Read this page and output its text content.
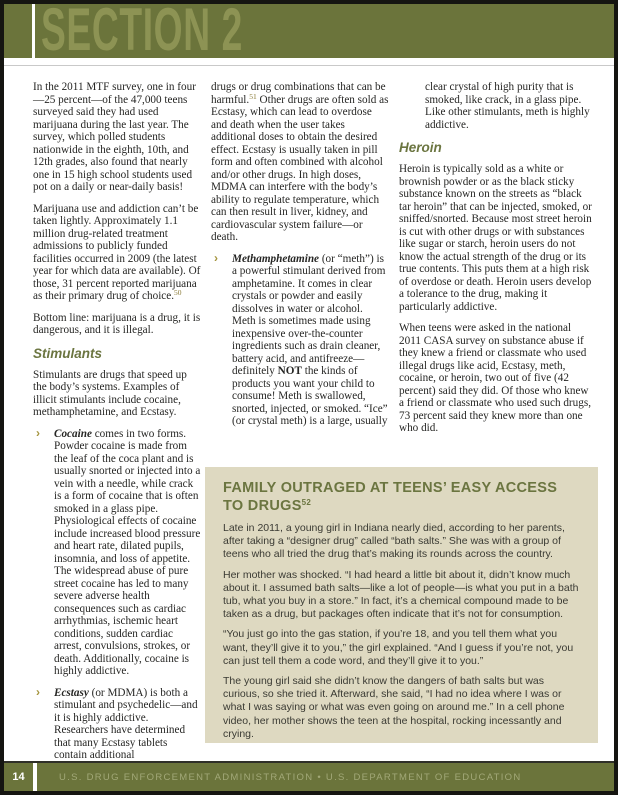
SECTION 2

In the 2011 MTF survey, one in four—25 percent—of the 47,000 teens surveyed said they had used marijuana during the last year. The survey, which polled students nationwide in the eighth, 10th, and 12th grades, also found that nearly one in 15 high school students used pot on a daily or near-daily basis!

Marijuana use and addiction can’t be taken lightly. Approximately 1.1 million drug-related treatment admissions to publicly funded facilities occurred in 2009 (the latest year for which data are available). Of those, 31 percent reported marijuana as their primary drug of choice.$^{50}$

Bottom line: marijuana is a drug, it is dangerous, and it is illegal.

Stimulants

Stimulants are drugs that speed up the body’s systems. Examples of illicit stimulants include cocaine, methamphetamine, and Ecstasy.

› Cocaine comes in two forms. Powder cocaine is made from the leaf of the coca plant and is usually snorted or injected into a vein with a needle, while crack is a form of cocaine that is often smoked in a glass pipe. Physiological effects of cocaine include increased blood pressure and heart rate, dilated pupils, insomnia, and loss of appetite. The widespread abuse of pure street cocaine has led to many severe adverse health consequences such as cardiac arrhythmias, ischemic heart conditions, sudden cardiac arrest, convulsions, strokes, or death. Additionally, cocaine is highly addictive.
› Ecstasy (or MDMA) is both a stimulant and psychedelic—and it is highly addictive. Researchers have determined that many Ecstasy tablets contain additional

drugs or drug combinations that can be harmful.$^{51}$ Other drugs are often sold as Ecstasy, which can lead to overdose and death when the user takes additional doses to obtain the desired effect. Ecstasy is usually taken in pill form and often combined with alcohol and/or other drugs. In high doses, MDMA can interfere with the body’s ability to regulate temperature, which can then result in liver, kidney, and cardiovascular system failure—or death.

› Methamphetamine (or “meth”) is a powerful stimulant derived from amphetamine. It comes in clear crystals or powder and easily dissolves in water or alcohol. Meth is sometimes made using inexpensive over-the-counter ingredients such as drain cleaner, battery acid, and antifreeze—definitely NOT the kinds of products you want your child to consume! Meth is swallowed, snorted, injected, or smoked. “Ice” (or crystal meth) is a large, usually

clear crystal of high purity that is smoked, like crack, in a glass pipe. Like other stimulants, meth is highly addictive.

Heroin

Heroin is typically sold as a white or brownish powder or as the black sticky substance known on the streets as “black tar heroin” that can be injected, smoked, or sniffed/snorted. Because most street heroin is cut with other drugs or with substances like sugar or starch, heroin users do not know the actual strength of the drug or its true contents. This puts them at a high risk of overdose or death. Heroin users develop a tolerance to the drug, making it particularly addictive.

When teens were asked in the national 2011 CASA survey on substance abuse if they knew a friend or classmate who used illegal drugs like acid, Ecstasy, meth, cocaine, or heroin, two out of five (42 percent) said they did. Of those who knew a friend or classmate who used such drugs, 73 percent said they knew more than one who did.

FAMILY OUTRAGED AT TEENS’ EASY ACCESS TO DRUGS$^{52}$

Late in 2011, a young girl in Indiana nearly died, according to her parents, after taking a “designer drug” called “bath salts.” She was with a group of teens who all tried the drug that’s making its rounds across the country.

Her mother was shocked. “I had heard a little bit about it, didn’t know much about it. I assumed bath salts—like a lot of people—is what you put in a bath tub, what you buy in a store.” In fact, it’s a chemical compound made to be taken as a drug, but packages often indicate that it’s not for consumption.

“You just go into the gas station, if you’re 18, and you tell them what you want, they’ll give it to you,” the girl explained. “And I guess if you’re not, you can just tell them a code word, and they’ll give it to you.”

The young girl said she didn’t know the dangers of bath salts but was curious, so she tried it. Afterward, she said, “I had no idea where I was or what I was saying or what was even going on around me.” In a cell phone video, her mother shows the teen at the hospital, rocking incessantly and crying.

14	U.S. DRUG ENFORCEMENT ADMINISTRATION • U.S. DEPARTMENT OF EDUCATION
